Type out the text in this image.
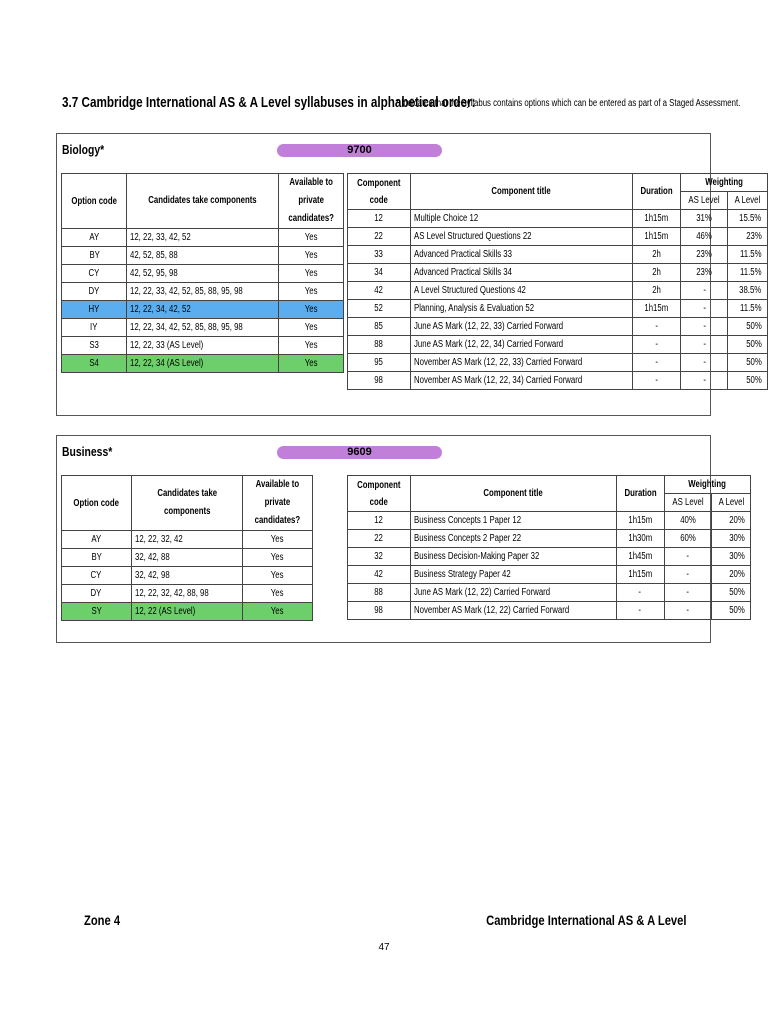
3.7 Cambridge International AS & A Level syllabuses in alphabetical order:
* Indicates that the syllabus contains options which can be entered as part of a Staged Assessment.
Biology*	9700
Option code	Candidates take components	Available to private candidates?

AY	12, 22, 33, 42, 52	Yes
BY	42, 52, 85, 88	Yes
CY	42, 52, 95, 98	Yes
DY	12, 22, 33, 42, 52, 85, 88, 95, 98	Yes
HY	12, 22, 34, 42, 52	Yes
IY	12, 22, 34, 42, 52, 85, 88, 95, 98	Yes
S3	12, 22, 33 (AS Level)	Yes
S4	12, 22, 34 (AS Level)	Yes
Component code	Component title	Duration	Weighting	
			AS Level	A Level
12	Multiple Choice 12	1h15m	31%	15.5%
22	AS Level Structured Questions 22	1h15m	46%	23%
33	Advanced Practical Skills 33	2h	23%	11.5%
34	Advanced Practical Skills 34	2h	23%	11.5%
42	A Level Structured Questions 42	2h	-	38.5%
52	Planning, Analysis & Evaluation 52	1h15m	-	11.5%
85	June AS Mark (12, 22, 33) Carried Forward	-	-	50%
88	June AS Mark (12, 22, 34) Carried Forward	-	-	50%
95	November AS Mark (12, 22, 33) Carried Forward	-	-	50%
98	November AS Mark (12, 22, 34) Carried Forward	-	-	50%
Business*	9609
Option code	Candidates take components	Available to private candidates?

AY	12, 22, 32, 42	Yes
BY	32, 42, 88	Yes
CY	32, 42, 98	Yes
DY	12, 22, 32, 42, 88, 98	Yes
SY	12, 22 (AS Level)	Yes
Component code	Component title	Duration	Weighting	
			AS Level	A Level
12	Business Concepts 1 Paper 12	1h15m	40%	20%
22	Business Concepts 2 Paper 22	1h30m	60%	30%
32	Business Decision-Making Paper 32	1h45m	-	30%
42	Business Strategy Paper 42	1h15m	-	20%
88	June AS Mark (12, 22) Carried Forward	-	-	50%
98	November AS Mark (12, 22) Carried Forward	-	-	50%
Zone 4	Cambridge International AS & A Level
47
